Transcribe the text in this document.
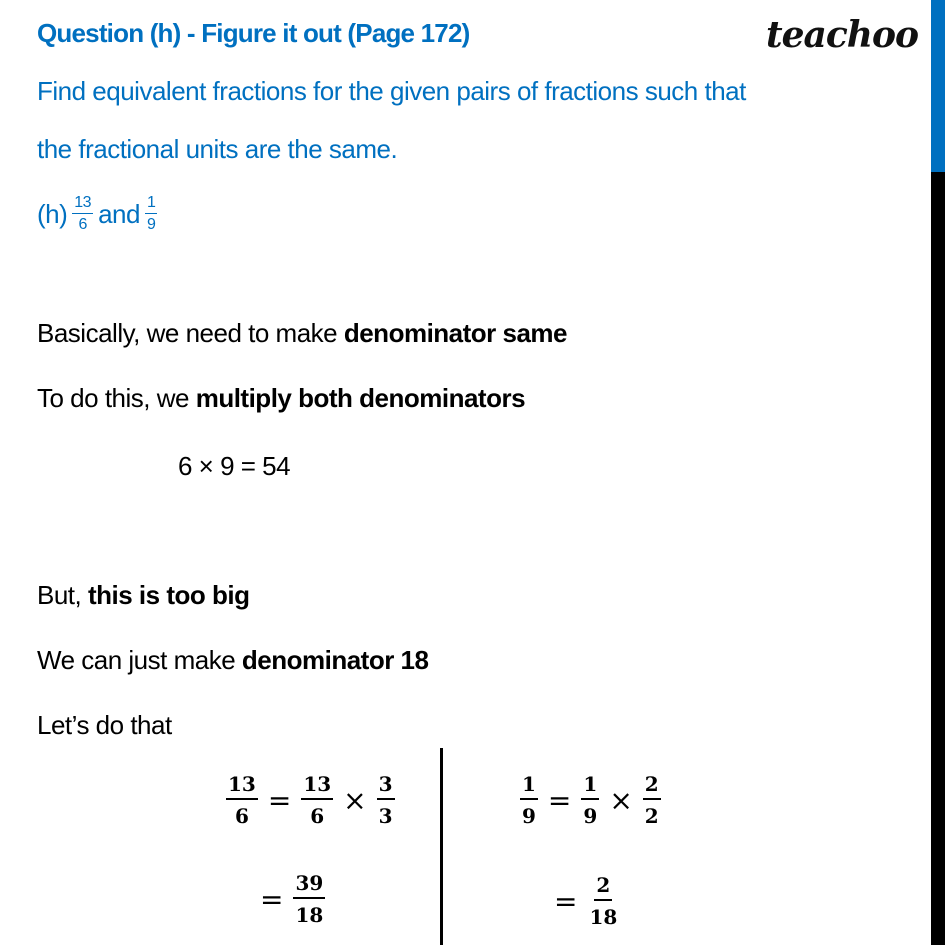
Question (h) - Figure it out (Page 172)	teachoo
Find equivalent fractions for the given pairs of fractions such that
the fractional units are the same.
$(h) \frac{13}{6}$ and $\frac{1}{9}$
Basically, we need to make denominator same
To do this, we multiply both denominators
6 × 9 = 54
But, this is too big
We can just make denominator 18
Let’s do that
$\frac{13}{6} = \frac{13}{6} \times \frac{3}{3}$
= $\frac{39}{18}$
$\frac{1}{9} = \frac{1}{9} \times \frac{2}{2}$
= $\frac{2}{18}$
